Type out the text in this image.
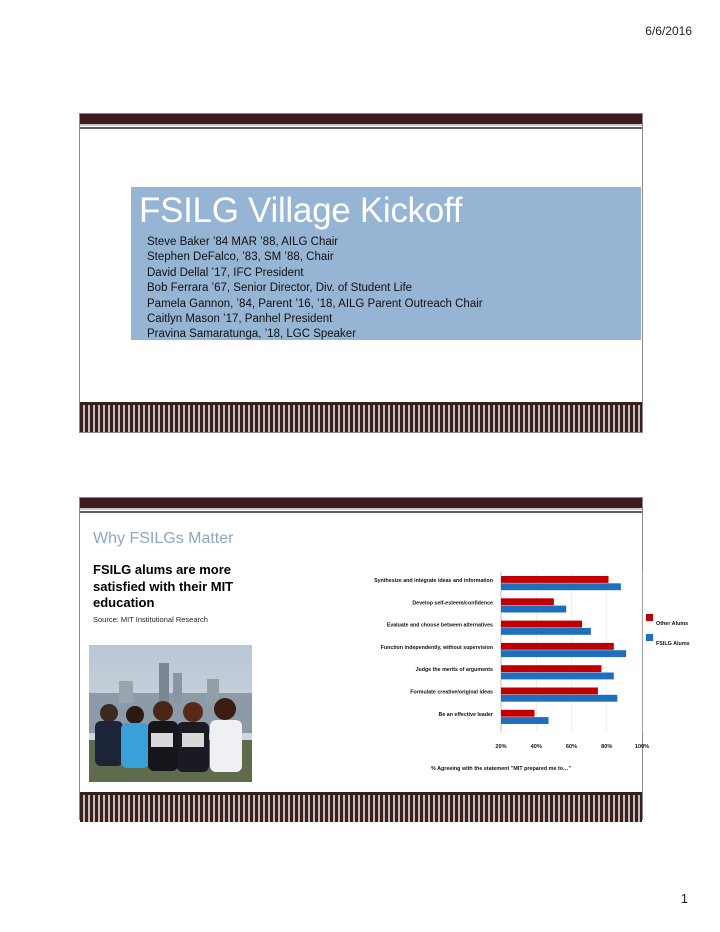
6/6/2016
FSILG Village Kickoff
Steve Baker ’84 MAR ’88, AILG Chair
Stephen DeFalco, ’83, SM ’88, Chair
David Dellal ’17, IFC President
Bob Ferrara ’67, Senior Director, Div. of Student Life
Pamela Gannon, ’84, Parent ’16, ’18, AILG Parent Outreach Chair
Caitlyn Mason ’17, Panhel President
Pravina Samaratunga, ’18, LGC Speaker
Why FSILGs Matter
FSILG alums are more satisfied with their MIT education
Source: MIT Institutional Research
Synthesize and integrate ideas and information
Develop self-esteem/confidence
Evaluate and choose between alternatives
Function independently, without supervision
Judge the merits of arguments
Formulate creative/original ideas
Be an effective leader
20%	40%	60%	80%	100%
% Agreeing with the statement "MIT prepared me to…"
Other Alums
FSILG Alums
1
